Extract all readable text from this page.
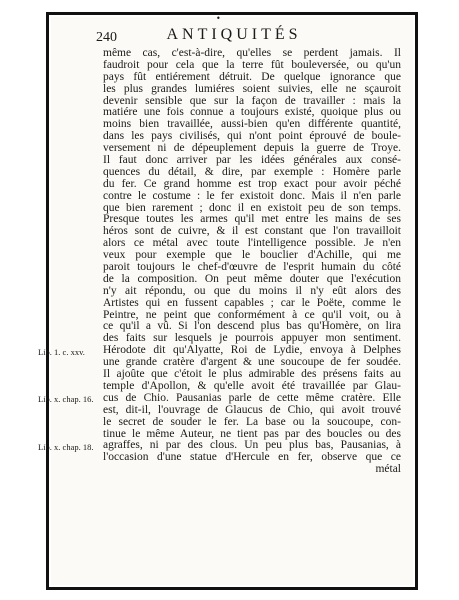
•
240	ANTIQUITÉS
même cas, c'est-à-dire, qu'elles se perdent jamais. Il
faudroit pour cela que la terre fût bouleversée, ou qu'un
pays fût entiérement détruit. De quelque ignorance que
les plus grandes lumiéres soient suivies, elle ne sçauroit
devenir sensible que sur la façon de travailler : mais la
matiére une fois connue a toujours existé, quoique plus ou
moins bien travaillée, aussi-bien qu'en différente quantité,
dans les pays civilisés, qui n'ont point éprouvé de boule-
versement ni de dépeuplement depuis la guerre de Troye.
Il faut donc arriver par les idées générales aux consé-
quences du détail, & dire, par exemple : Homère parle
du fer. Ce grand homme est trop exact pour avoir péché
contre le costume : le fer existoit donc. Mais il n'en parle
que bien rarement ; donc il en existoit peu de son temps.
Presque toutes les armes qu'il met entre les mains de ses
héros sont de cuivre, & il est constant que l'on travailloit
alors ce métal avec toute l'intelligence possible. Je n'en
veux pour exemple que le bouclier d'Achille, qui me
paroit toujours le chef-d'œuvre de l'esprit humain du côté
de la composition. On peut même douter que l'exécution
n'y ait répondu, ou que du moins il n'y eût alors des
Artistes qui en fussent capables ; car le Poëte, comme le
Peintre, ne peint que conformément à ce qu'il voit, ou à
ce qu'il a vû. Si l'on descend plus bas qu'Homère, on lira
des faits sur lesquels je pourrois appuyer mon sentiment.
Hérodote dit qu'Alyatte, Roi de Lydie, envoya à Delphes
une grande cratère d'argent & une soucoupe de fer soudée.
Il ajoûte que c'étoit le plus admirable des présens faits au
temple d'Apollon, & qu'elle avoit été travaillée par Glau-
cus de Chio. Pausanias parle de cette même cratère. Elle
est, dit-il, l'ouvrage de Glaucus de Chio, qui avoit trouvé
le secret de souder le fer. La base ou la soucoupe, con-
tinue le même Auteur, ne tient pas par des boucles ou des
agraffes, ni par des clous. Un peu plus bas, Pausanias, à
l'occasion d'une statue d'Hercule en fer, observe que ce
métal
Lib. 1. c. xxv.
Lib. x. chap. 16.
Lib. x. chap. 18.
